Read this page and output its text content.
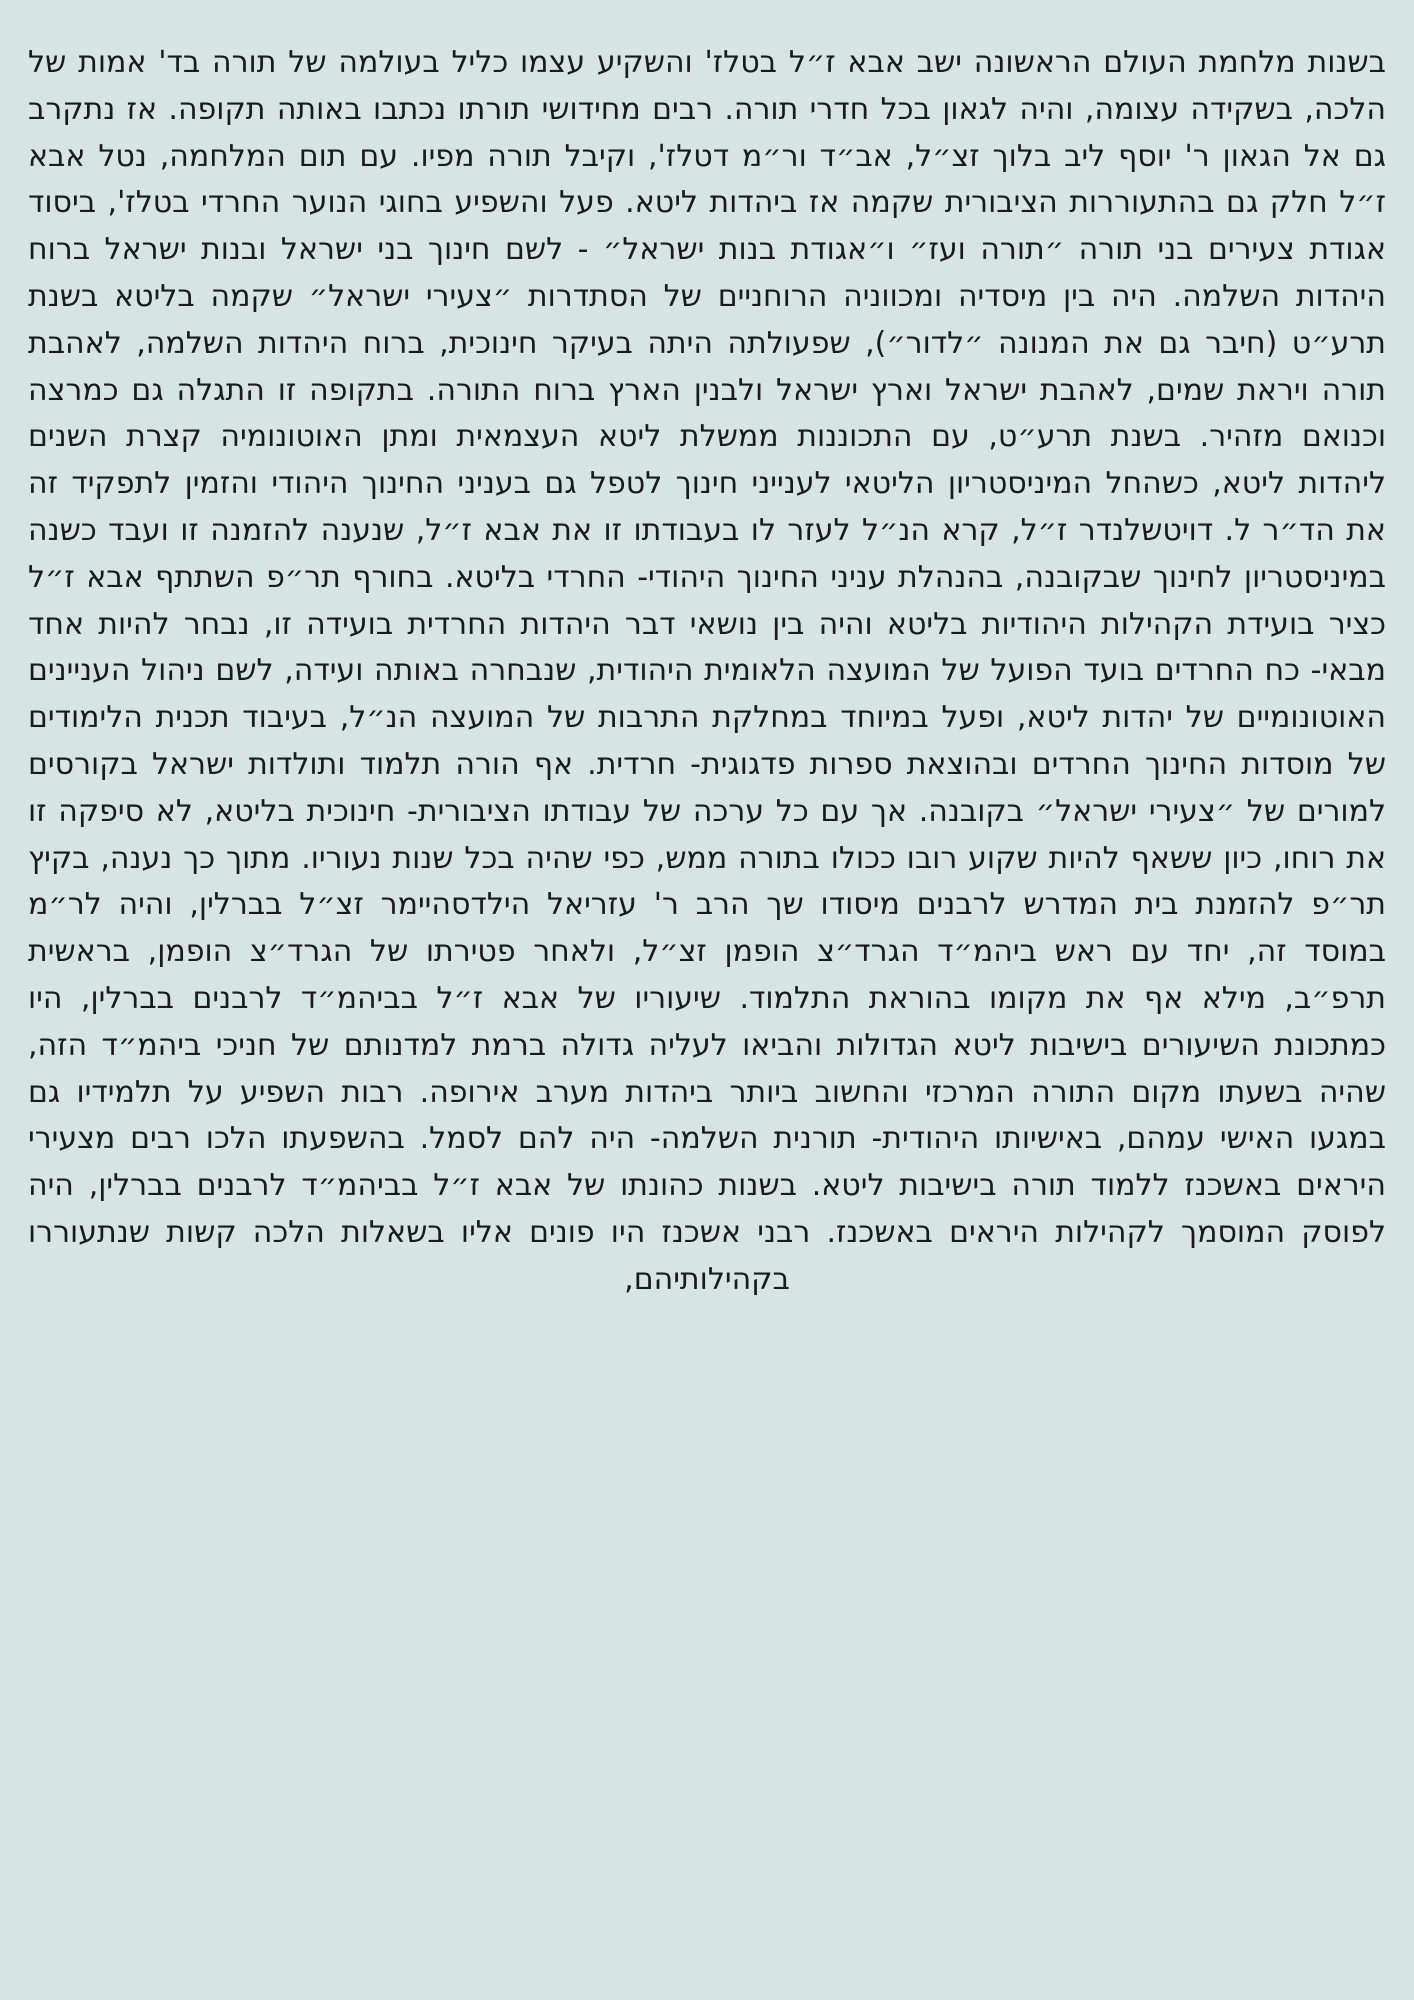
בשנות מלחמת העולם הראשונה ישב אבא ז״ל בטלז' והשקיע עצמו כליל בעולמה של תורה בד' אמות של הלכה, בשקידה עצומה, והיה לגאון בכל חדרי תורה. רבים מחידושי תורתו נכתבו באותה תקופה. אז נתקרב גם אל הגאון ר' יוסף ליב בלוך זצ״ל, אב״ד ור״מ דטלז', וקיבל תורה מפיו. עם תום המלחמה, נטל אבא ז״ל חלק גם בהתעוררות הציבורית שקמה אז ביהדות ליטא. פעל והשפיע בחוגי הנוער החרדי בטלז', ביסוד אגודת צעירים בני תורה ״תורה ועז״ ו״אגודת בנות ישראל״ - לשם חינוך בני ישראל ובנות ישראל ברוח היהדות השלמה. היה בין מיסדיה ומכווניה הרוחניים של הסתדרות ״צעירי ישראל״ שקמה בליטא בשנת תרע״ט (חיבר גם את המנונה ״לדור״), שפעולתה היתה בעיקר חינוכית, ברוח היהדות השלמה, לאהבת תורה ויראת שמים, לאהבת ישראל וארץ ישראל ולבנין הארץ ברוח התורה. בתקופה זו התגלה גם כמרצה וכנואם מזהיר. בשנת תרע״ט, עם התכוננות ממשלת ליטא העצמאית ומתן האוטונומיה קצרת השנים ליהדות ליטא, כשהחל המיניסטריון הליטאי לענייני חינוך לטפל גם בעניני החינוך היהודי והזמין לתפקיד זה את הד״ר ל. דויטשלנדר ז״ל, קרא הנ״ל לעזר לו בעבודתו זו את אבא ז״ל, שנענה להזמנה זו ועבד כשנה במיניסטריון לחינוך שבקובנה, בהנהלת עניני החינוך היהודי- החרדי בליטא. בחורף תר״פ השתתף אבא ז״ל כציר בועידת הקהילות היהודיות בליטא והיה בין נושאי דבר היהדות החרדית בועידה זו, נבחר להיות אחד מבאי- כח החרדים בועד הפועל של המועצה הלאומית היהודית, שנבחרה באותה ועידה, לשם ניהול העניינים האוטונומיים של יהדות ליטא, ופעל במיוחד במחלקת התרבות של המועצה הנ״ל, בעיבוד תכנית הלימודים של מוסדות החינוך החרדים ובהוצאת ספרות פדגוגית- חרדית. אף הורה תלמוד ותולדות ישראל בקורסים למורים של ״צעירי ישראל״ בקובנה. אך עם כל ערכה של עבודתו הציבורית- חינוכית בליטא, לא סיפקה זו את רוחו, כיון ששאף להיות שקוע רובו ככולו בתורה ממש, כפי שהיה בכל שנות נעוריו. מתוך כך נענה, בקיץ תר״פ להזמנת בית המדרש לרבנים מיסודו שך הרב ר' עזריאל הילדסהיימר זצ״ל בברלין, והיה לר״מ במוסד זה, יחד עם ראש ביהמ״ד הגרד״צ הופמן זצ״ל, ולאחר פטירתו של הגרד״צ הופמן, בראשית תרפ״ב, מילא אף את מקומו בהוראת התלמוד. שיעוריו של אבא ז״ל בביהמ״ד לרבנים בברלין, היו כמתכונת השיעורים בישיבות ליטא הגדולות והביאו לעליה גדולה ברמת למדנותם של חניכי ביהמ״ד הזה, שהיה בשעתו מקום התורה המרכזי והחשוב ביותר ביהדות מערב אירופה. רבות השפיע על תלמידיו גם במגעו האישי עמהם, באישיותו היהודית- תורנית השלמה- היה להם לסמל. בהשפעתו הלכו רבים מצעירי היראים באשכנז ללמוד תורה בישיבות ליטא. בשנות כהונתו של אבא ז״ל בביהמ״ד לרבנים בברלין, היה לפוסק המוסמך לקהילות היראים באשכנז. רבני אשכנז היו פונים אליו בשאלות הלכה קשות שנתעוררו בקהילותיהם,
